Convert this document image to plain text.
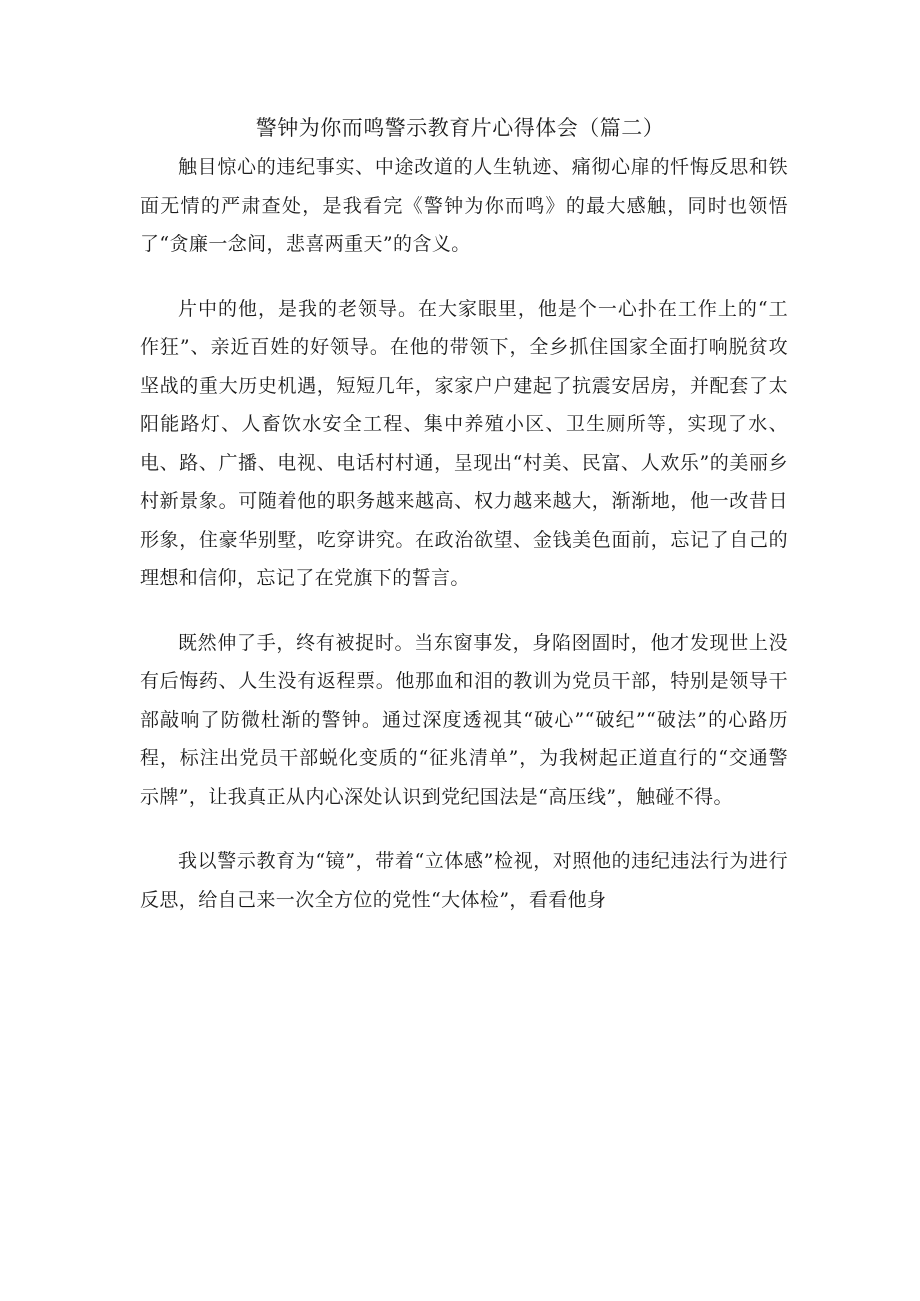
警钟为你而鸣警示教育片心得体会（篇二）

触目惊心的违纪事实、中途改道的人生轨迹、痛彻心扉的忏悔反思和铁面无情的严肃查处，是我看完《警钟为你而鸣》的最大感触，同时也领悟了“贪廉一念间，悲喜两重天”的含义。

片中的他，是我的老领导。在大家眼里，他是个一心扑在工作上的“工作狂”、亲近百姓的好领导。在他的带领下，全乡抓住国家全面打响脱贫攻坚战的重大历史机遇，短短几年，家家户户建起了抗震安居房，并配套了太阳能路灯、人畜饮水安全工程、集中养殖小区、卫生厕所等，实现了水、电、路、广播、电视、电话村村通，呈现出“村美、民富、人欢乐”的美丽乡村新景象。可随着他的职务越来越高、权力越来越大，渐渐地，他一改昔日形象，住豪华别墅，吃穿讲究。在政治欲望、金钱美色面前，忘记了自己的理想和信仰，忘记了在党旗下的誓言。

既然伸了手，终有被捉时。当东窗事发，身陷囹圄时，他才发现世上没有后悔药、人生没有返程票。他那血和泪的教训为党员干部，特别是领导干部敲响了防微杜渐的警钟。通过深度透视其“破心”“破纪”“破法”的心路历程，标注出党员干部蜕化变质的“征兆清单”，为我树起正道直行的“交通警示牌”，让我真正从内心深处认识到党纪国法是“高压线”，触碰不得。

我以警示教育为“镜”，带着“立体感”检视，对照他的违纪违法行为进行反思，给自己来一次全方位的党性“大体检”，看看他身
